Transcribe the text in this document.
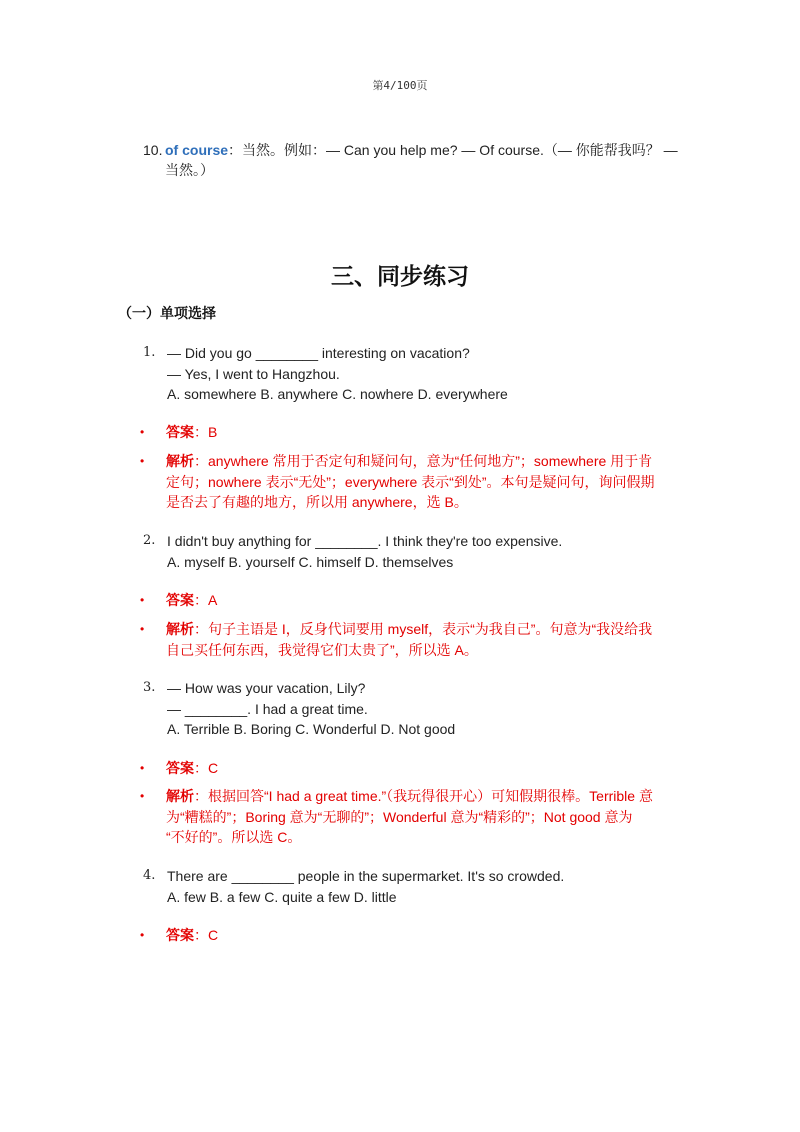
第4/100页
10. of course：当然。例如：— Can you help me? — Of course.（— 你能帮我吗？ —
当然。）
三、同步练习
（一）单项选择
1. — Did you go ________ interesting on vacation?
— Yes, I went to Hangzhou.
A. somewhere B. anywhere C. nowhere D. everywhere
•	答案：B
•	解析：anywhere 常用于否定句和疑问句，意为“任何地方”；somewhere 用于肯
定句；nowhere 表示“无处”；everywhere 表示“到处”。本句是疑问句，询问假期
是否去了有趣的地方，所以用 anywhere，选 B。
2. I didn't buy anything for ________. I think they're too expensive.
A. myself B. yourself C. himself D. themselves
•	答案：A
•	解析：句子主语是 I，反身代词要用 myself，表示“为我自己”。句意为“我没给我
自己买任何东西，我觉得它们太贵了”，所以选 A。
3. — How was your vacation, Lily?
— ________. I had a great time.
A. Terrible B. Boring C. Wonderful D. Not good
•	答案：C
•	解析：根据回答“I had a great time.”（我玩得很开心）可知假期很棒。Terrible 意
为“糟糕的”；Boring 意为“无聊的”；Wonderful 意为“精彩的”；Not good 意为
“不好的”。所以选 C。
4. There are ________ people in the supermarket. It's so crowded.
A. few B. a few C. quite a few D. little
•	答案：C
